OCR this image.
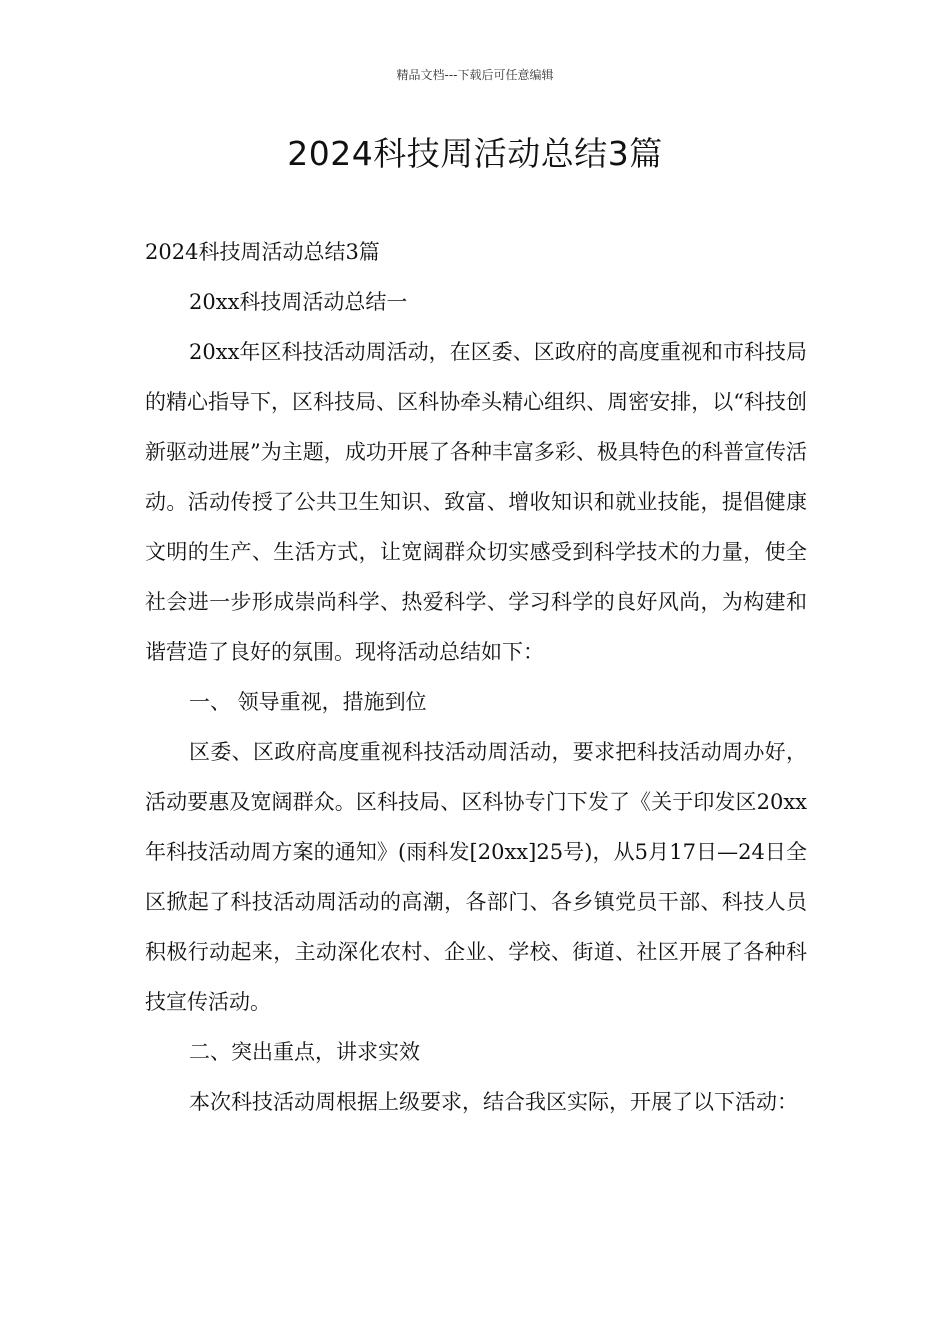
精品文档---下载后可任意编辑
2024科技周活动总结3篇

2024科技周活动总结3篇

20xx科技周活动总结一

20xx年区科技活动周活动，在区委、区政府的高度重视和市科技局的精心指导下，区科技局、区科协牵头精心组织、周密安排，以“科技创新驱动进展”为主题，成功开展了各种丰富多彩、极具特色的科普宣传活动。活动传授了公共卫生知识、致富、增收知识和就业技能，提倡健康文明的生产、生活方式，让宽阔群众切实感受到科学技术的力量，使全社会进一步形成崇尚科学、热爱科学、学习科学的良好风尚，为构建和谐营造了良好的氛围。现将活动总结如下：

一、 领导重视，措施到位

区委、区政府高度重视科技活动周活动，要求把科技活动周办好，活动要惠及宽阔群众。区科技局、区科协专门下发了《关于印发区20xx年科技活动周方案的通知》(雨科发[20xx]25号)，从5月17日—24日全区掀起了科技活动周活动的高潮，各部门、各乡镇党员干部、科技人员积极行动起来，主动深化农村、企业、学校、街道、社区开展了各种科技宣传活动。

二、突出重点，讲求实效

本次科技活动周根据上级要求，结合我区实际，开展了以下活动：
